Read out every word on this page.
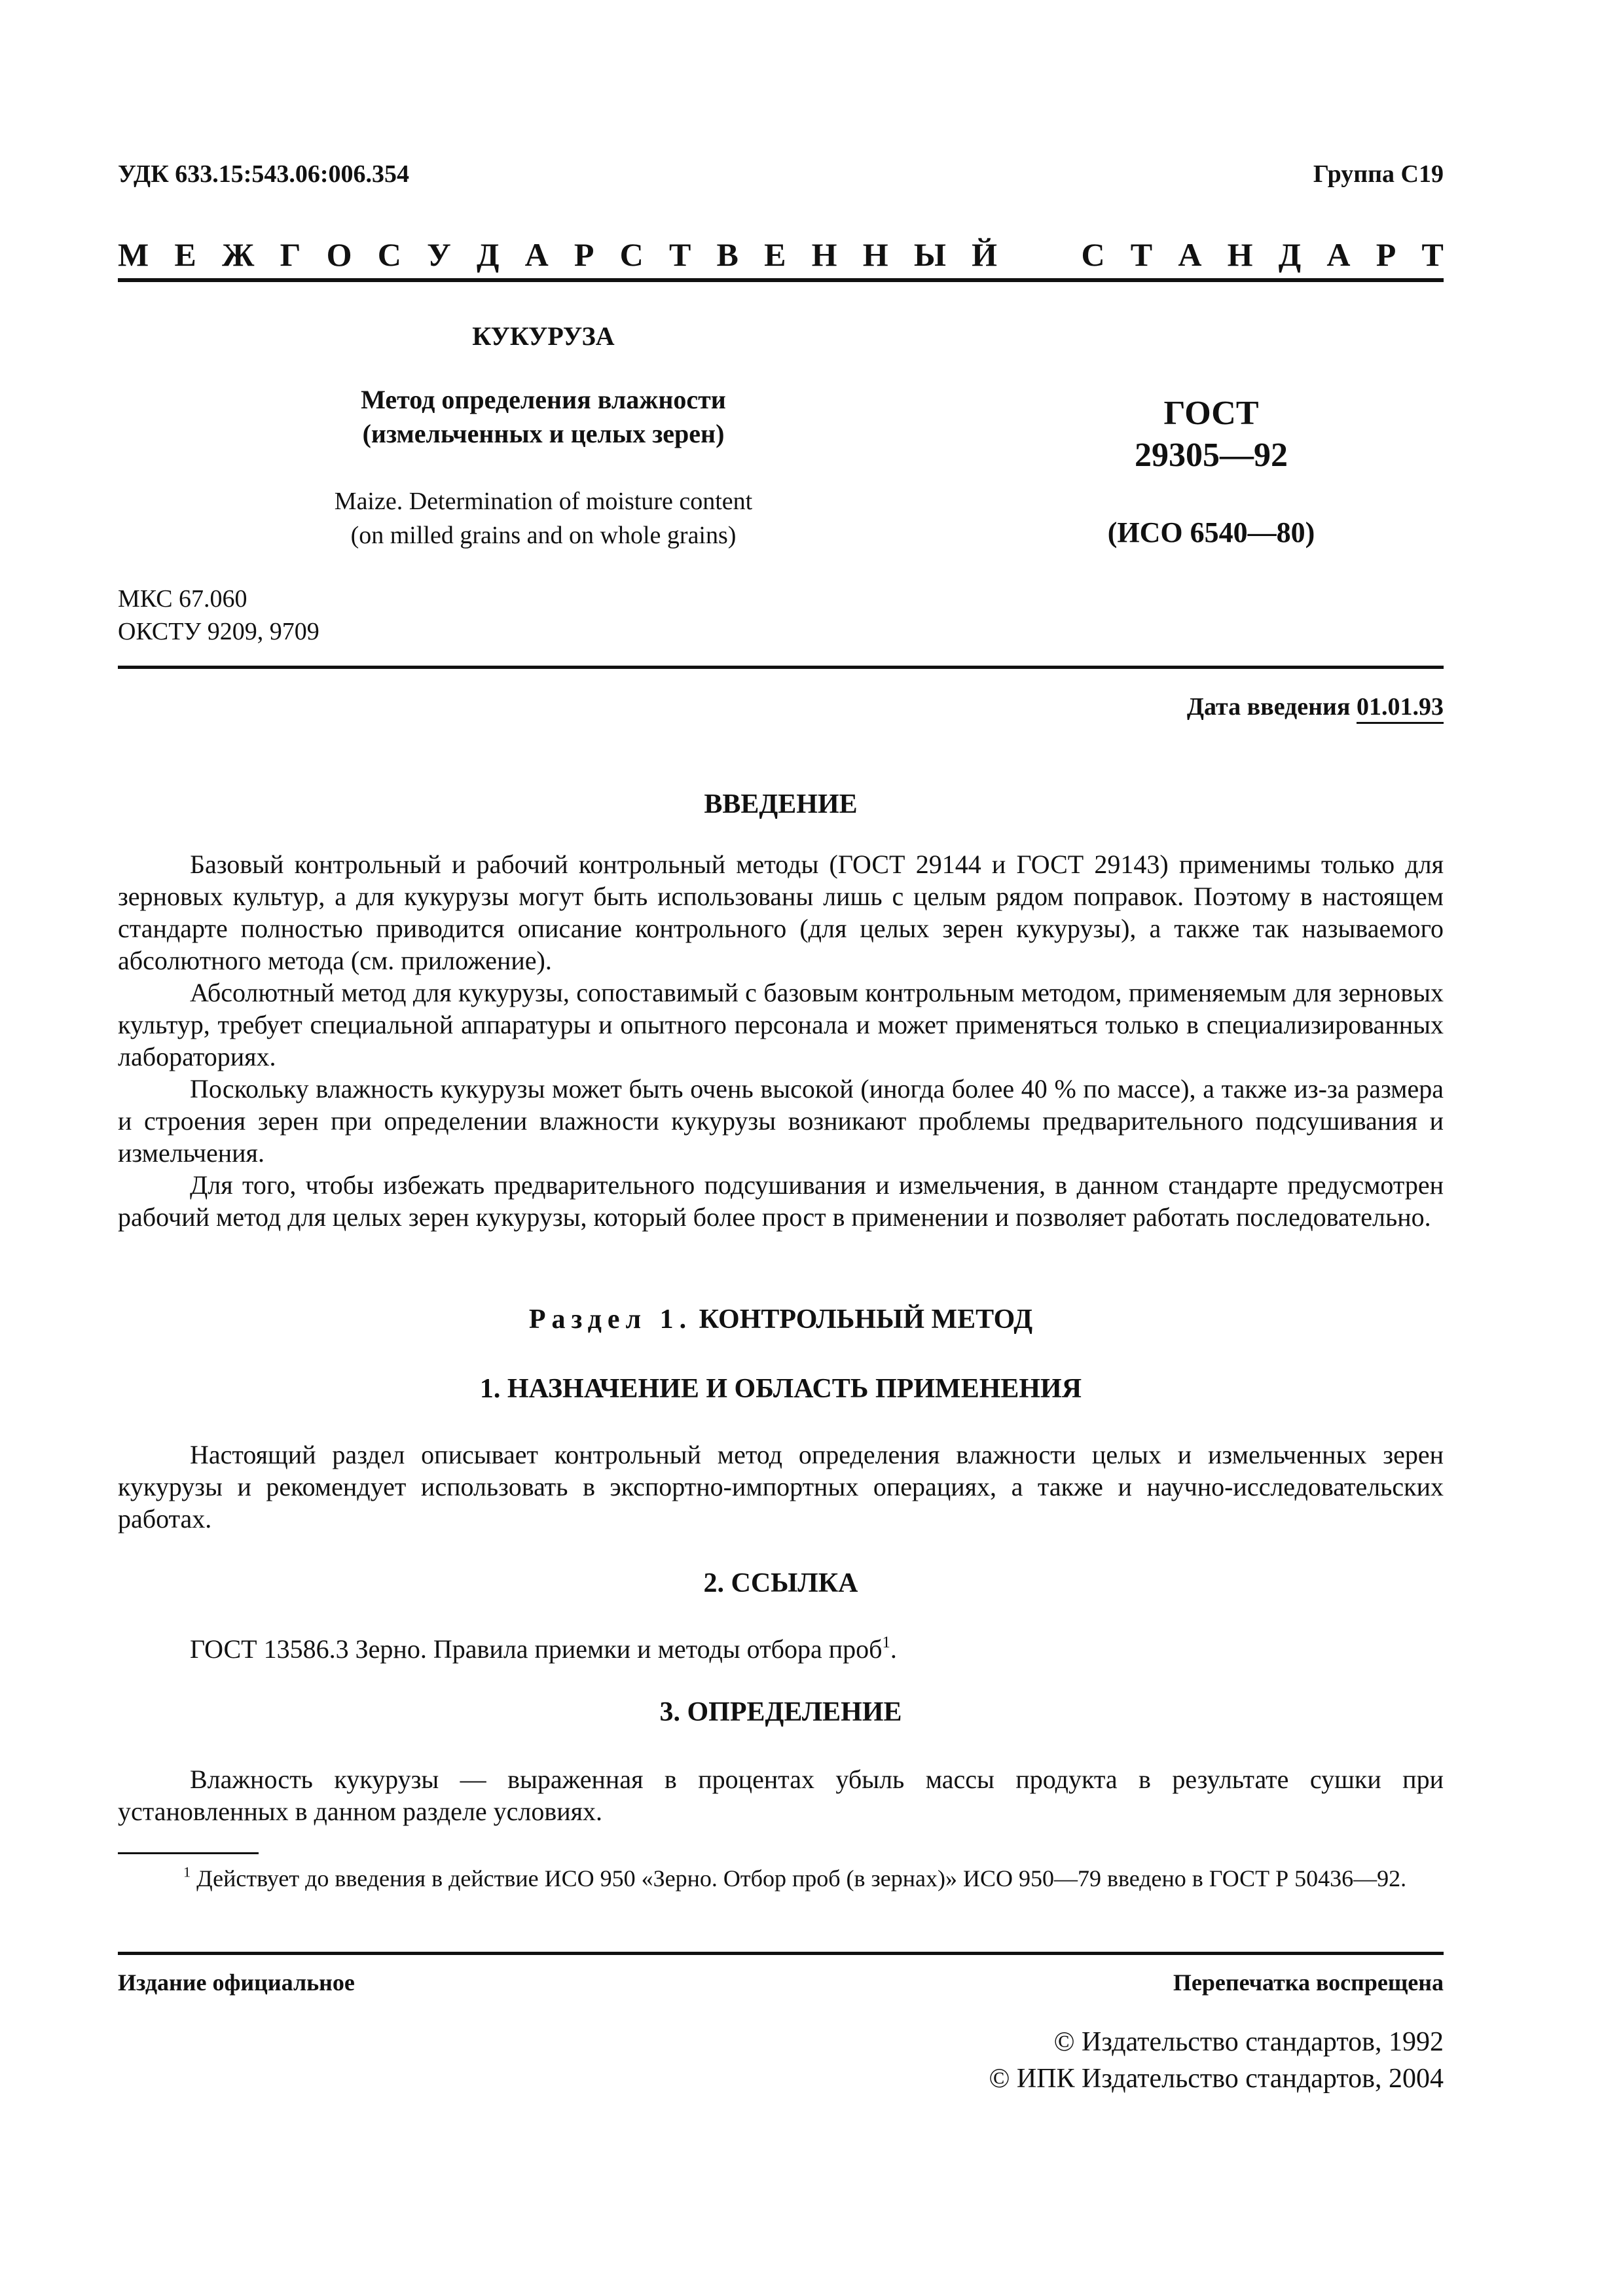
УДК 633.15:543.06:006.354	Группа С19
М Е Ж Г О С У Д А Р С Т В Е Н Н Ы Й	С Т А Н Д А Р Т
КУКУРУЗА
Метод определения влажности
(измельченных и целых зерен)
Maize. Determination of moisture content
(on milled grains and on whole grains)
ГОСТ
29305—92
(ИСО 6540—80)
МКС 67.060
ОКСТУ 9209, 9709
Дата введения 01.01.93
ВВЕДЕНИЕ

Базовый контрольный и рабочий контрольный методы (ГОСТ 29144 и ГОСТ 29143) применимы только для зерновых культур, а для кукурузы могут быть использованы лишь с целым рядом поправок. Поэтому в настоящем стандарте полностью приводится описание контрольного (для целых зерен кукурузы), а также так называемого абсолютного метода (см. приложение).

Абсолютный метод для кукурузы, сопоставимый с базовым контрольным методом, применяемым для зерновых культур, требует специальной аппаратуры и опытного персонала и может применяться только в специализированных лабораториях.

Поскольку влажность кукурузы может быть очень высокой (иногда более 40 % по массе), а также из-за размера и строения зерен при определении влажности кукурузы возникают проблемы предварительного подсушивания и измельчения.

Для того, чтобы избежать предварительного подсушивания и измельчения, в данном стандарте предусмотрен рабочий метод для целых зерен кукурузы, который более прост в применении и позволяет работать последовательно.

Раздел 1. КОНТРОЛЬНЫЙ МЕТОД
1. НАЗНАЧЕНИЕ И ОБЛАСТЬ ПРИМЕНЕНИЯ

Настоящий раздел описывает контрольный метод определения влажности целых и измельченных зерен кукурузы и рекомендует использовать в экспортно-импортных операциях, а также и научно-исследовательских работах.

2. ССЫЛКА

ГОСТ 13586.3 Зерно. Правила приемки и методы отбора проб$^1$.

3. ОПРЕДЕЛЕНИЕ

Влажность кукурузы — выраженная в процентах убыль массы продукта в результате сушки при установленных в данном разделе условиях.

$^1$ Действует до введения в действие ИСО 950 «Зерно. Отбор проб (в зернах)» ИСО 950—79 введено в ГОСТ Р 50436—92.

Издание официальное	Перепечатка воспрещена
© Издательство стандартов, 1992
© ИПК Издательство стандартов, 2004
